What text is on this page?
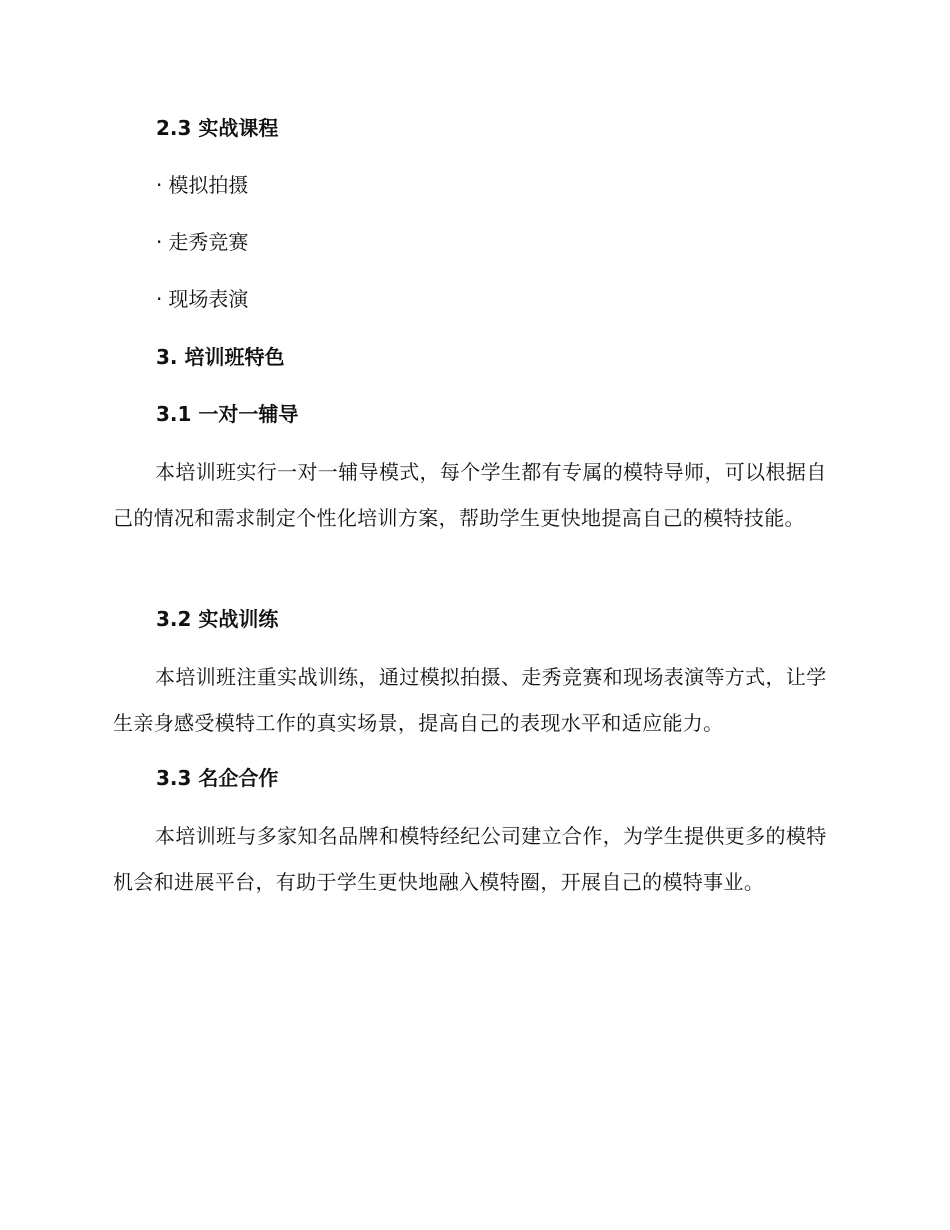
2.3 实战课程
· 模拟拍摄
· 走秀竞赛
· 现场表演
3. 培训班特色
3.1 一对一辅导
本培训班实行一对一辅导模式，每个学生都有专属的模特导师，可以根据自己的情况和需求制定个性化培训方案，帮助学生更快地提高自己的模特技能。
3.2 实战训练
本培训班注重实战训练，通过模拟拍摄、走秀竞赛和现场表演等方式，让学生亲身感受模特工作的真实场景，提高自己的表现水平和适应能力。
3.3 名企合作
本培训班与多家知名品牌和模特经纪公司建立合作，为学生提供更多的模特机会和进展平台，有助于学生更快地融入模特圈，开展自己的模特事业。
